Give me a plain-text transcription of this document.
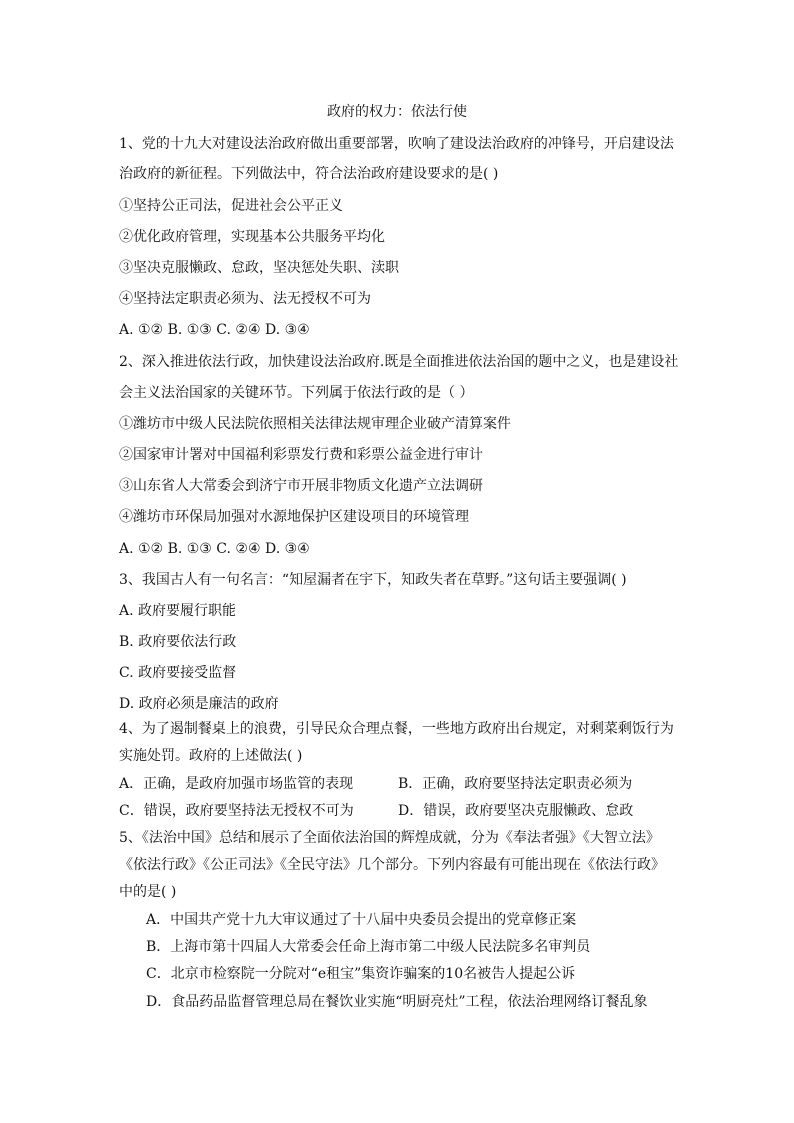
政府的权力：依法行使
1、党的十九大对建设法治政府做出重要部署，吹响了建设法治政府的冲锋号，开启建设法
治政府的新征程。下列做法中，符合法治政府建设要求的是( )
①坚持公正司法，促进社会公平正义
②优化政府管理，实现基本公共服务平均化
③坚决克服懒政、怠政，坚决惩处失职、渎职
④坚持法定职责必须为、法无授权不可为
A. ①② B. ①③ C. ②④ D. ③④
2、深入推进依法行政，加快建设法治政府.既是全面推进依法治国的题中之义，也是建设社
会主义法治国家的关键环节。下列属于依法行政的是（ ）
①潍坊市中级人民法院依照相关法律法规审理企业破产清算案件
②国家审计署对中国福利彩票发行费和彩票公益金进行审计
③山东省人大常委会到济宁市开展非物质文化遗产立法调研
④潍坊市环保局加强对水源地保护区建设项目的环境管理
A. ①② B. ①③ C. ②④ D. ③④
3、我国古人有一句名言：“知屋漏者在宇下，知政失者在草野。”这句话主要强调( )
A. 政府要履行职能
B. 政府要依法行政
C. 政府要接受监督
D. 政府必须是廉洁的政府
4、为了遏制餐桌上的浪费，引导民众合理点餐，一些地方政府出台规定，对剩菜剩饭行为
实施处罚。政府的上述做法( )
A．正确，是政府加强市场监管的表现	B．正确，政府要坚持法定职责必须为
C．错误，政府要坚持法无授权不可为	D．错误，政府要坚决克服懒政、怠政
5、《法治中国》总结和展示了全面依法治国的辉煌成就，分为《奉法者强》《大智立法》
《依法行政》《公正司法》《全民守法》几个部分。下列内容最有可能出现在《依法行政》
中的是( )
A．中国共产党十九大审议通过了十八届中央委员会提出的党章修正案
B．上海市第十四届人大常委会任命上海市第二中级人民法院多名审判员
C．北京市检察院一分院对“e租宝”集资诈骗案的10名被告人提起公诉
D．食品药品监督管理总局在餐饮业实施“明厨亮灶”工程，依法治理网络订餐乱象
